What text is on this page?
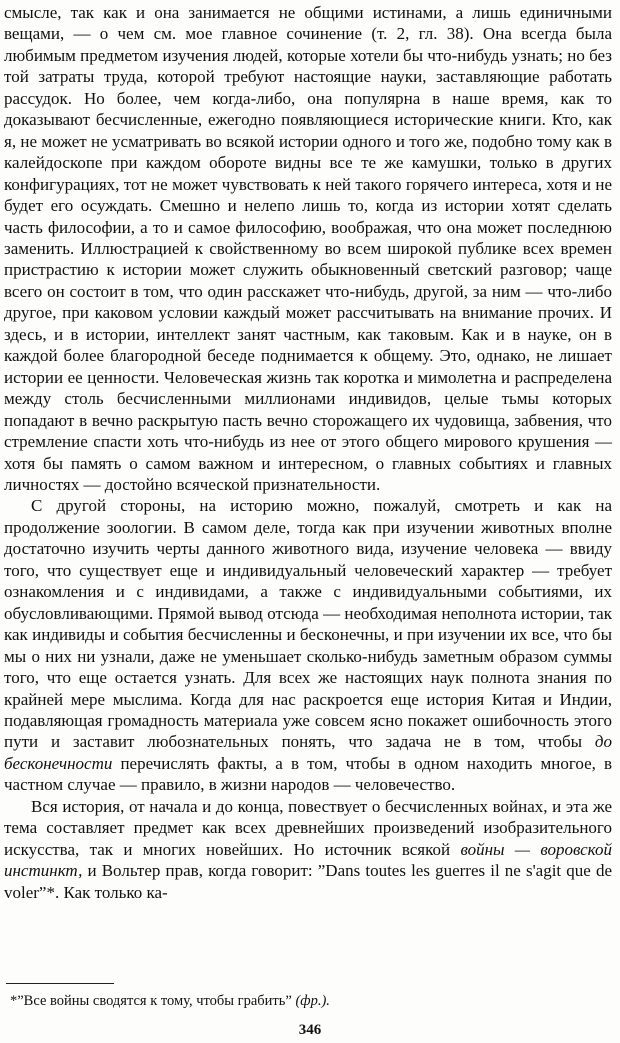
смысле, так как и она занимается не общими истинами, а лишь единичными вещами, — о чем см. мое главное сочинение (т. 2, гл. 38). Она всегда была любимым предметом изучения людей, которые хотели бы что-нибудь узнать; но без той затраты труда, которой требуют настоящие науки, заставляющие работать рассудок. Но более, чем когда-либо, она популярна в наше время, как то доказывают бесчисленные, ежегодно появляющиеся исторические книги. Кто, как я, не может не усматривать во всякой истории одного и того же, подобно тому как в калейдоскопе при каждом обороте видны все те же камушки, только в других конфигурациях, тот не может чувствовать к ней такого горячего интереса, хотя и не будет его осуждать. Смешно и нелепо лишь то, когда из истории хотят сделать часть философии, а то и самое философию, воображая, что она может последнюю заменить. Иллюстрацией к свойственному во всем широкой публике всех времен пристрастию к истории может служить обыкновенный светский разговор; чаще всего он состоит в том, что один расскажет что-нибудь, другой, за ним — что-либо другое, при каковом условии каждый может рассчитывать на внимание прочих. И здесь, и в истории, интеллект занят частным, как таковым. Как и в науке, он в каждой более благородной беседе поднимается к общему. Это, однако, не лишает истории ее ценности. Человеческая жизнь так коротка и мимолетна и распределена между столь бесчисленными миллионами индивидов, целые тьмы которых попадают в вечно раскрытую пасть вечно сторожащего их чудовища, забвения, что стремление спасти хоть что-нибудь из нее от этого общего мирового крушения — хотя бы память о самом важном и интересном, о главных событиях и главных личностях — достойно всяческой признательности.

С другой стороны, на историю можно, пожалуй, смотреть и как на продолжение зоологии. В самом деле, тогда как при изучении животных вполне достаточно изучить черты данного животного вида, изучение человека — ввиду того, что существует еще и индивидуальный человеческий характер — требует ознакомления и с индивидами, а также с индивидуальными событиями, их обусловливающими. Прямой вывод отсюда — необходимая неполнота истории, так как индивиды и события бесчисленны и бесконечны, и при изучении их все, что бы мы о них ни узнали, даже не уменьшает сколько-нибудь заметным образом суммы того, что еще остается узнать. Для всех же настоящих наук полнота знания по крайней мере мыслима. Когда для нас раскроется еще история Китая и Индии, подавляющая громадность материала уже совсем ясно покажет ошибочность этого пути и заставит любознательных понять, что задача не в том, чтобы до бесконечности перечислять факты, а в том, чтобы в одном находить многое, в частном случае — правило, в жизни народов — человечество.

Вся история, от начала и до конца, повествует о бесчисленных войнах, и эта же тема составляет предмет как всех древнейших произведений изобразительного искусства, так и многих новейших. Но источник всякой войны — воровской инстинкт, и Вольтер прав, когда говорит: ”Dans toutes les guerres il ne s'agit que de voler”*. Как только ка-

*”Все войны сводятся к тому, чтобы грабить” (фр.).
346
